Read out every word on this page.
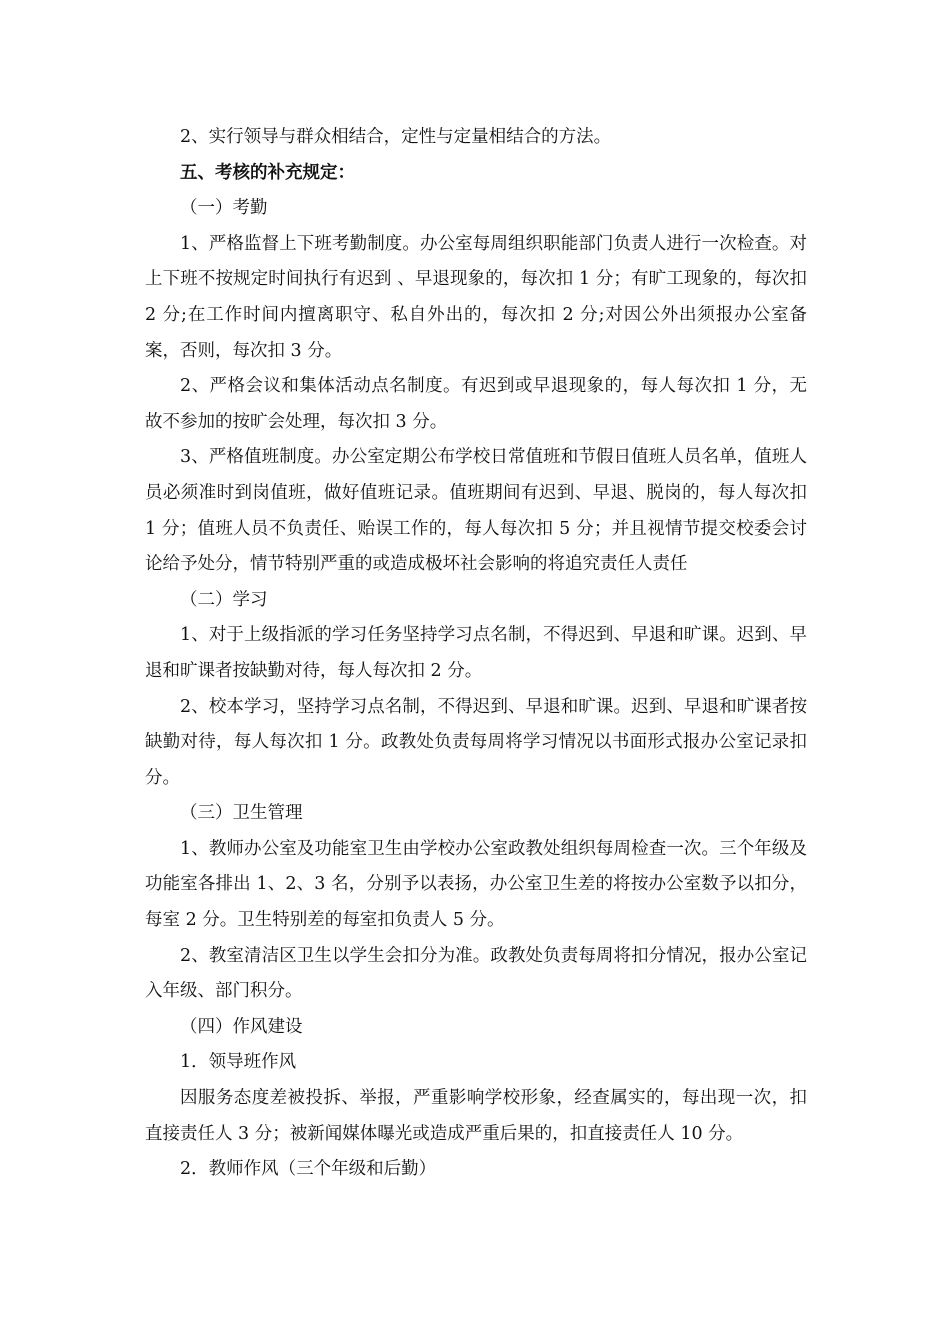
2、实行领导与群众相结合，定性与定量相结合的方法。

五、考核的补充规定：

（一）考勤

1、严格监督上下班考勤制度。办公室每周组织职能部门负责人进行一次检查。对上下班不按规定时间执行有迟到 、早退现象的，每次扣 1 分；有旷工现象的，每次扣 2 分;在工作时间内擅离职守、私自外出的，每次扣 2 分;对因公外出须报办公室备案，否则，每次扣 3 分。

2、严格会议和集体活动点名制度。有迟到或早退现象的，每人每次扣 1 分，无故不参加的按旷会处理，每次扣 3 分。

3、严格值班制度。办公室定期公布学校日常值班和节假日值班人员名单，值班人员必须准时到岗值班，做好值班记录。值班期间有迟到、早退、脱岗的，每人每次扣 1 分；值班人员不负责任、贻误工作的，每人每次扣 5 分；并且视情节提交校委会讨论给予处分，情节特别严重的或造成极坏社会影响的将追究责任人责任

（二）学习

1、对于上级指派的学习任务坚持学习点名制，不得迟到、早退和旷课。迟到、早退和旷课者按缺勤对待，每人每次扣 2 分。

2、校本学习，坚持学习点名制，不得迟到、早退和旷课。迟到、早退和旷课者按缺勤对待，每人每次扣 1 分。政教处负责每周将学习情况以书面形式报办公室记录扣分。

（三）卫生管理

1、教师办公室及功能室卫生由学校办公室政教处组织每周检查一次。三个年级及功能室各排出 1、2、3 名，分别予以表扬，办公室卫生差的将按办公室数予以扣分，每室 2 分。卫生特别差的每室扣负责人 5 分。

2、教室清洁区卫生以学生会扣分为准。政教处负责每周将扣分情况，报办公室记入年级、部门积分。

（四）作风建设

1．领导班作风

因服务态度差被投拆、举报，严重影响学校形象，经查属实的，每出现一次，扣直接责任人 3 分；被新闻媒体曝光或造成严重后果的，扣直接责任人 10 分。

2．教师作风（三个年级和后勤）
